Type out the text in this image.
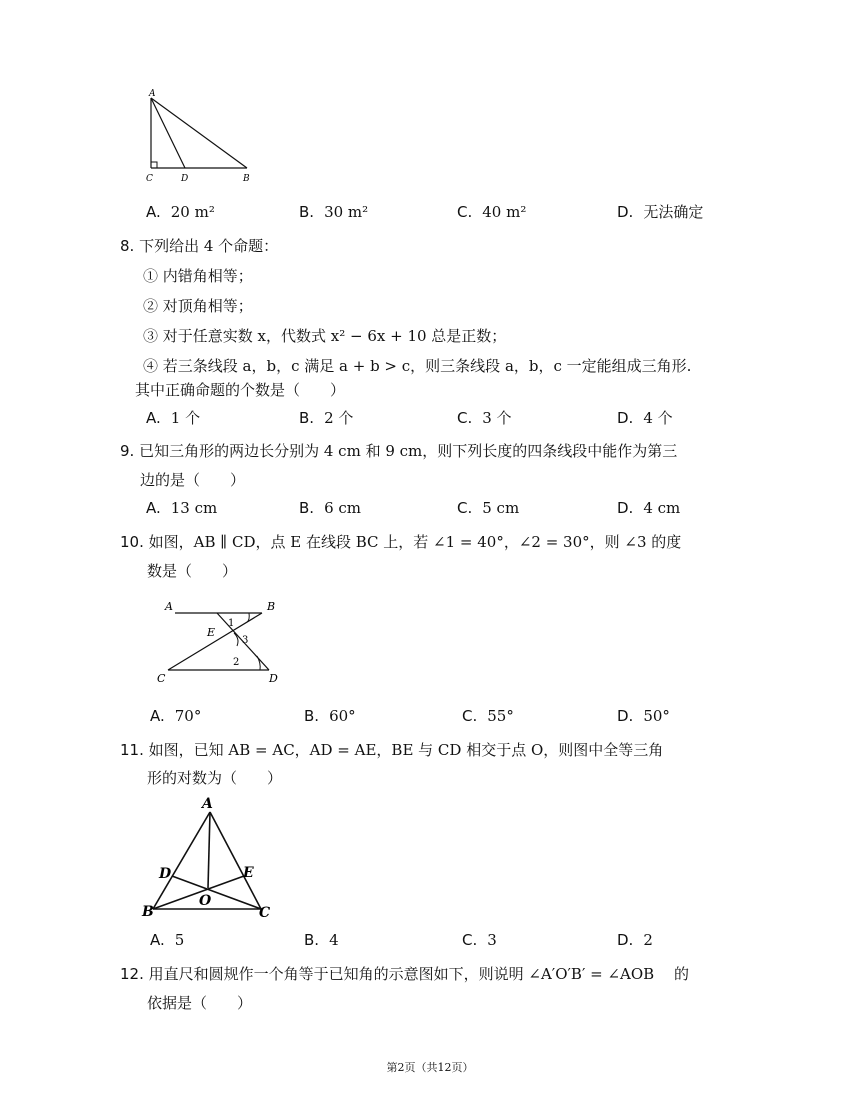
A
C	D	B
A. 20 m²	B. 30 m²	C. 40 m²	D. 无法确定
8. 下列给出 4 个命题：
① 内错角相等；
② 对顶角相等；
③ 对于任意实数 x，代数式 x² − 6x + 10 总是正数；
④ 若三条线段 a，b，c 满足 a + b > c，则三条线段 a，b，c 一定能组成三角形.
其中正确命题的个数是（　　）
A. 1 个	B. 2 个	C. 3 个	D. 4 个
9. 已知三角形的两边长分别为 4 cm 和 9 cm，则下列长度的四条线段中能作为第三
边的是（　　）
A. 13 cm	B. 6 cm	C. 5 cm	D. 4 cm
10. 如图，AB ∥ CD，点 E 在线段 BC 上，若 ∠1 = 40°，∠2 = 30°，则 ∠3 的度
数是（　　）
A	B
E
C	D
1
3
2
A. 70°	B. 60°	C. 55°	D. 50°
11. 如图，已知 AB = AC，AD = AE，BE 与 CD 相交于点 O，则图中全等三角
形的对数为（　　）
A
D	E
O
B	C
A. 5	B. 4	C. 3	D. 2
12. 用直尺和圆规作一个角等于已知角的示意图如下，则说明 ∠A′O′B′ = ∠AOB　 的
依据是（　　）
第2页（共12页）
